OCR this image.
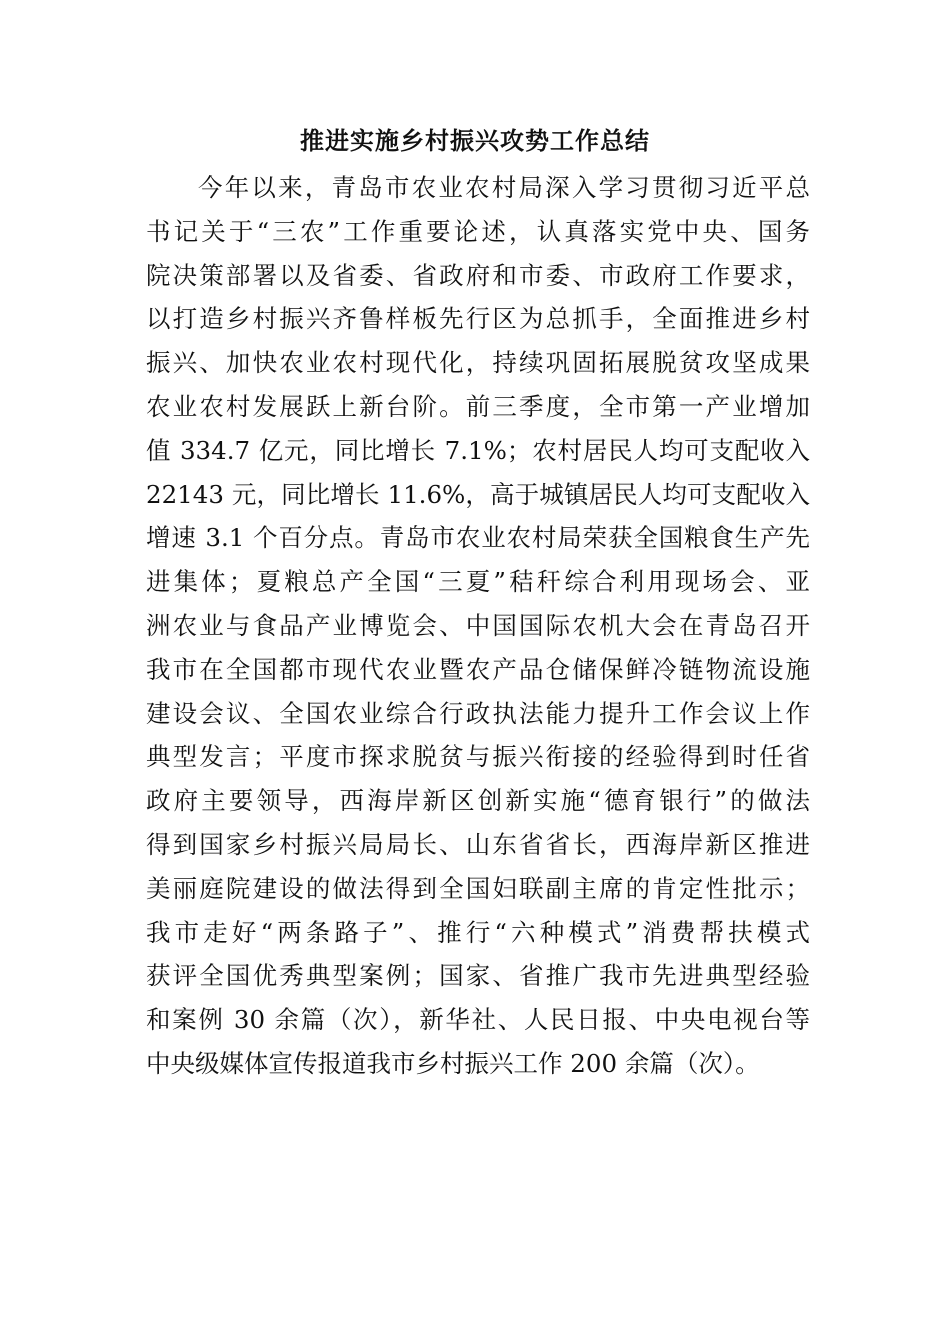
推进实施乡村振兴攻势工作总结
今年以来，青岛市农业农村局深入学习贯彻习近平总
书记关于“三农”工作重要论述，认真落实党中央、国务
院决策部署以及省委、省政府和市委、市政府工作要求，
以打造乡村振兴齐鲁样板先行区为总抓手，全面推进乡村
振兴、加快农业农村现代化，持续巩固拓展脱贫攻坚成果
农业农村发展跃上新台阶。前三季度，全市第一产业增加
值 334.7 亿元，同比增长 7.1%；农村居民人均可支配收入
22143 元，同比增长 11.6%，高于城镇居民人均可支配收入
增速 3.1 个百分点。青岛市农业农村局荣获全国粮食生产先
进集体；夏粮总产全国“三夏”秸秆综合利用现场会、亚
洲农业与食品产业博览会、中国国际农机大会在青岛召开
我市在全国都市现代农业暨农产品仓储保鲜冷链物流设施
建设会议、全国农业综合行政执法能力提升工作会议上作
典型发言；平度市探求脱贫与振兴衔接的经验得到时任省
政府主要领导，西海岸新区创新实施“德育银行”的做法
得到国家乡村振兴局局长、山东省省长，西海岸新区推进
美丽庭院建设的做法得到全国妇联副主席的肯定性批示；
我市走好“两条路子”、推行“六种模式”消费帮扶模式
获评全国优秀典型案例；国家、省推广我市先进典型经验
和案例 30 余篇（次），新华社、人民日报、中央电视台等
中央级媒体宣传报道我市乡村振兴工作 200 余篇（次）。
